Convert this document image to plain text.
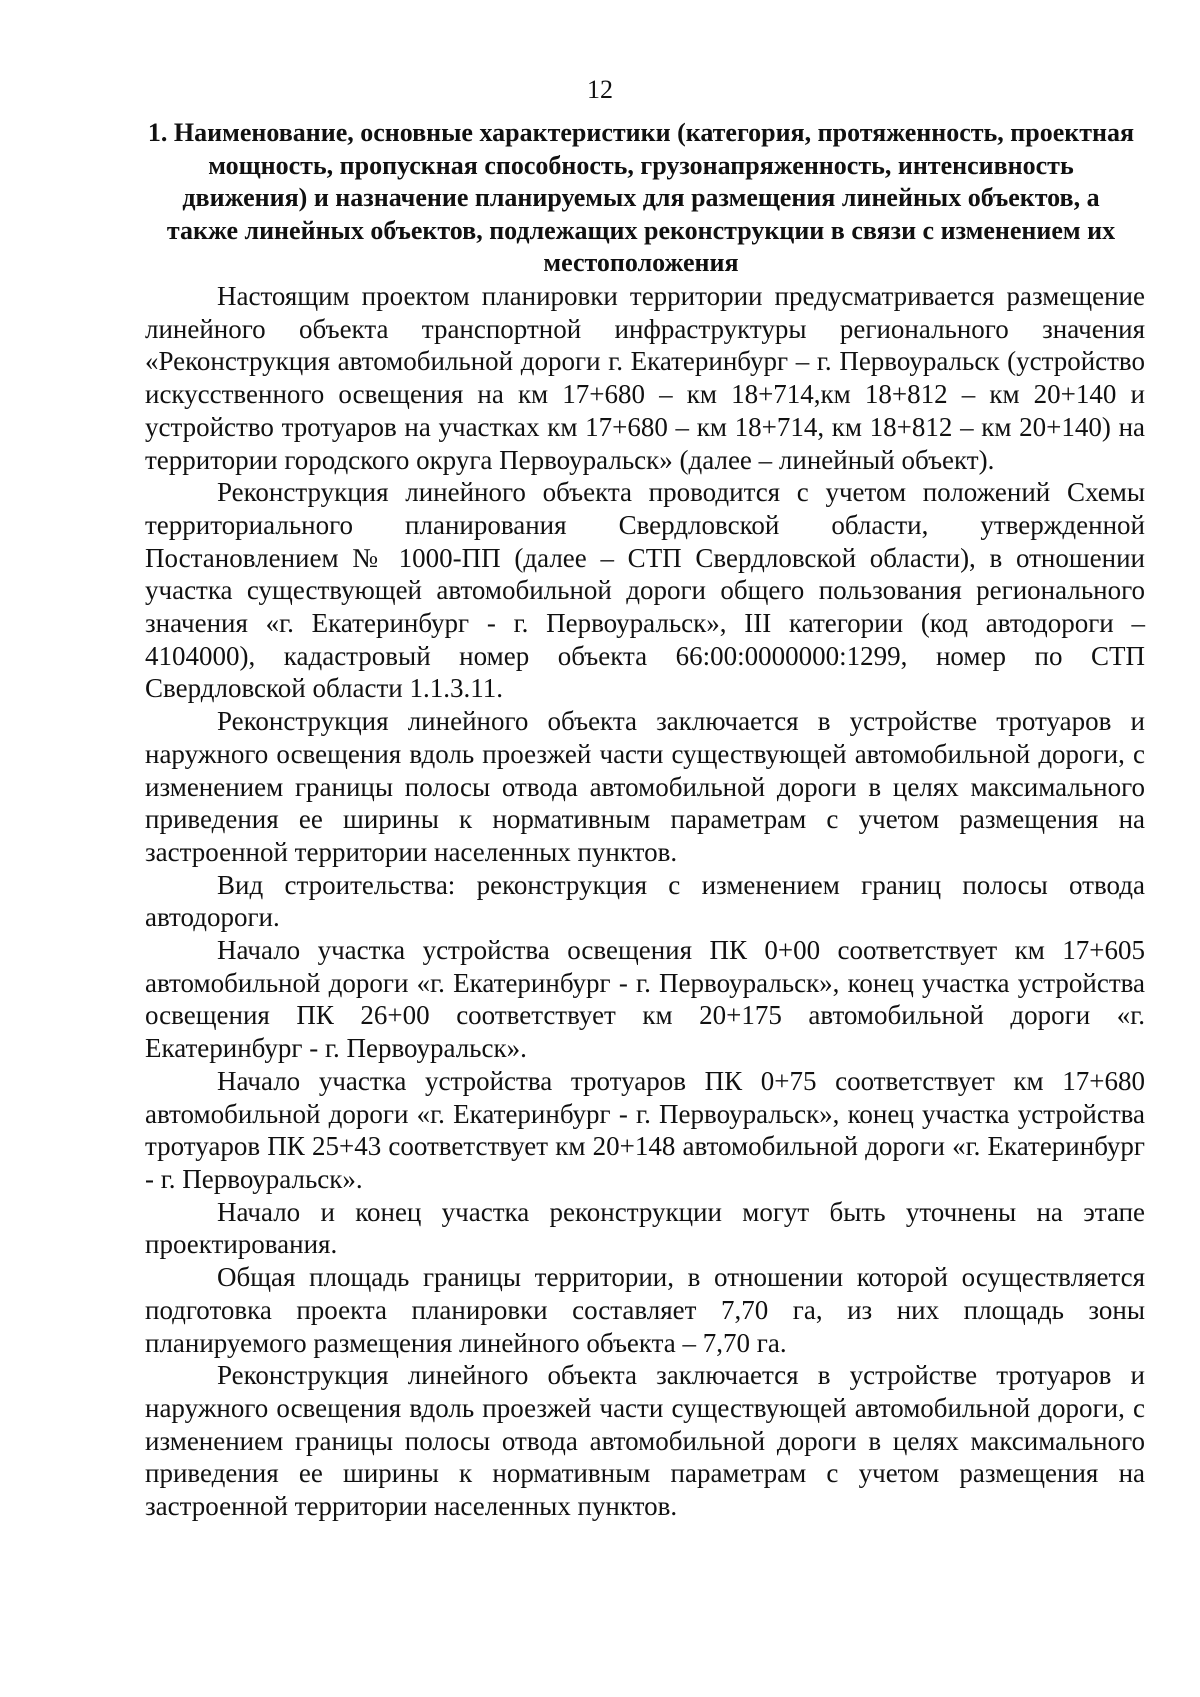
12
1. Наименование, основные характеристики (категория, протяженность, проектная мощность, пропускная способность, грузонапряженность, интенсивность движения) и назначение планируемых для размещения линейных объектов, а также линейных объектов, подлежащих реконструкции в связи с изменением их местоположения

Настоящим проектом планировки территории предусматривается размещение линейного объекта транспортной инфраструктуры регионального значения «Реконструкция автомобильной дороги г. Екатеринбург – г. Первоуральск (устройство искусственного освещения на км 17+680 – км 18+714,км 18+812 – км 20+140 и устройство тротуаров на участках км 17+680 – км 18+714, км 18+812 – км 20+140) на территории городского округа Первоуральск» (далее – линейный объект).

Реконструкция линейного объекта проводится с учетом положений Схемы территориального планирования Свердловской области, утвержденной Постановлением № 1000-ПП (далее – СТП Свердловской области), в отношении участка существующей автомобильной дороги общего пользования регионального значения «г. Екатеринбург - г. Первоуральск», III категории (код автодороги – 4104000), кадастровый номер объекта 66:00:0000000:1299, номер по СТП Свердловской области 1.1.3.11.

Реконструкция линейного объекта заключается в устройстве тротуаров и наружного освещения вдоль проезжей части существующей автомобильной дороги, с изменением границы полосы отвода автомобильной дороги в целях максимального приведения ее ширины к нормативным параметрам с учетом размещения на застроенной территории населенных пунктов.

Вид строительства: реконструкция с изменением границ полосы отвода автодороги.

Начало участка устройства освещения ПК 0+00 соответствует км 17+605 автомобильной дороги «г. Екатеринбург - г. Первоуральск», конец участка устройства освещения ПК 26+00 соответствует км 20+175 автомобильной дороги «г. Екатеринбург - г. Первоуральск».

Начало участка устройства тротуаров ПК 0+75 соответствует км 17+680 автомобильной дороги «г. Екатеринбург - г. Первоуральск», конец участка устройства тротуаров ПК 25+43 соответствует км 20+148 автомобильной дороги «г. Екатеринбург - г. Первоуральск».

Начало и конец участка реконструкции могут быть уточнены на этапе проектирования.

Общая площадь границы территории, в отношении которой осуществляется подготовка проекта планировки составляет 7,70 га, из них площадь зоны планируемого размещения линейного объекта – 7,70 га.

Реконструкция линейного объекта заключается в устройстве тротуаров и наружного освещения вдоль проезжей части существующей автомобильной дороги, с изменением границы полосы отвода автомобильной дороги в целях максимального приведения ее ширины к нормативным параметрам с учетом размещения на застроенной территории населенных пунктов.
